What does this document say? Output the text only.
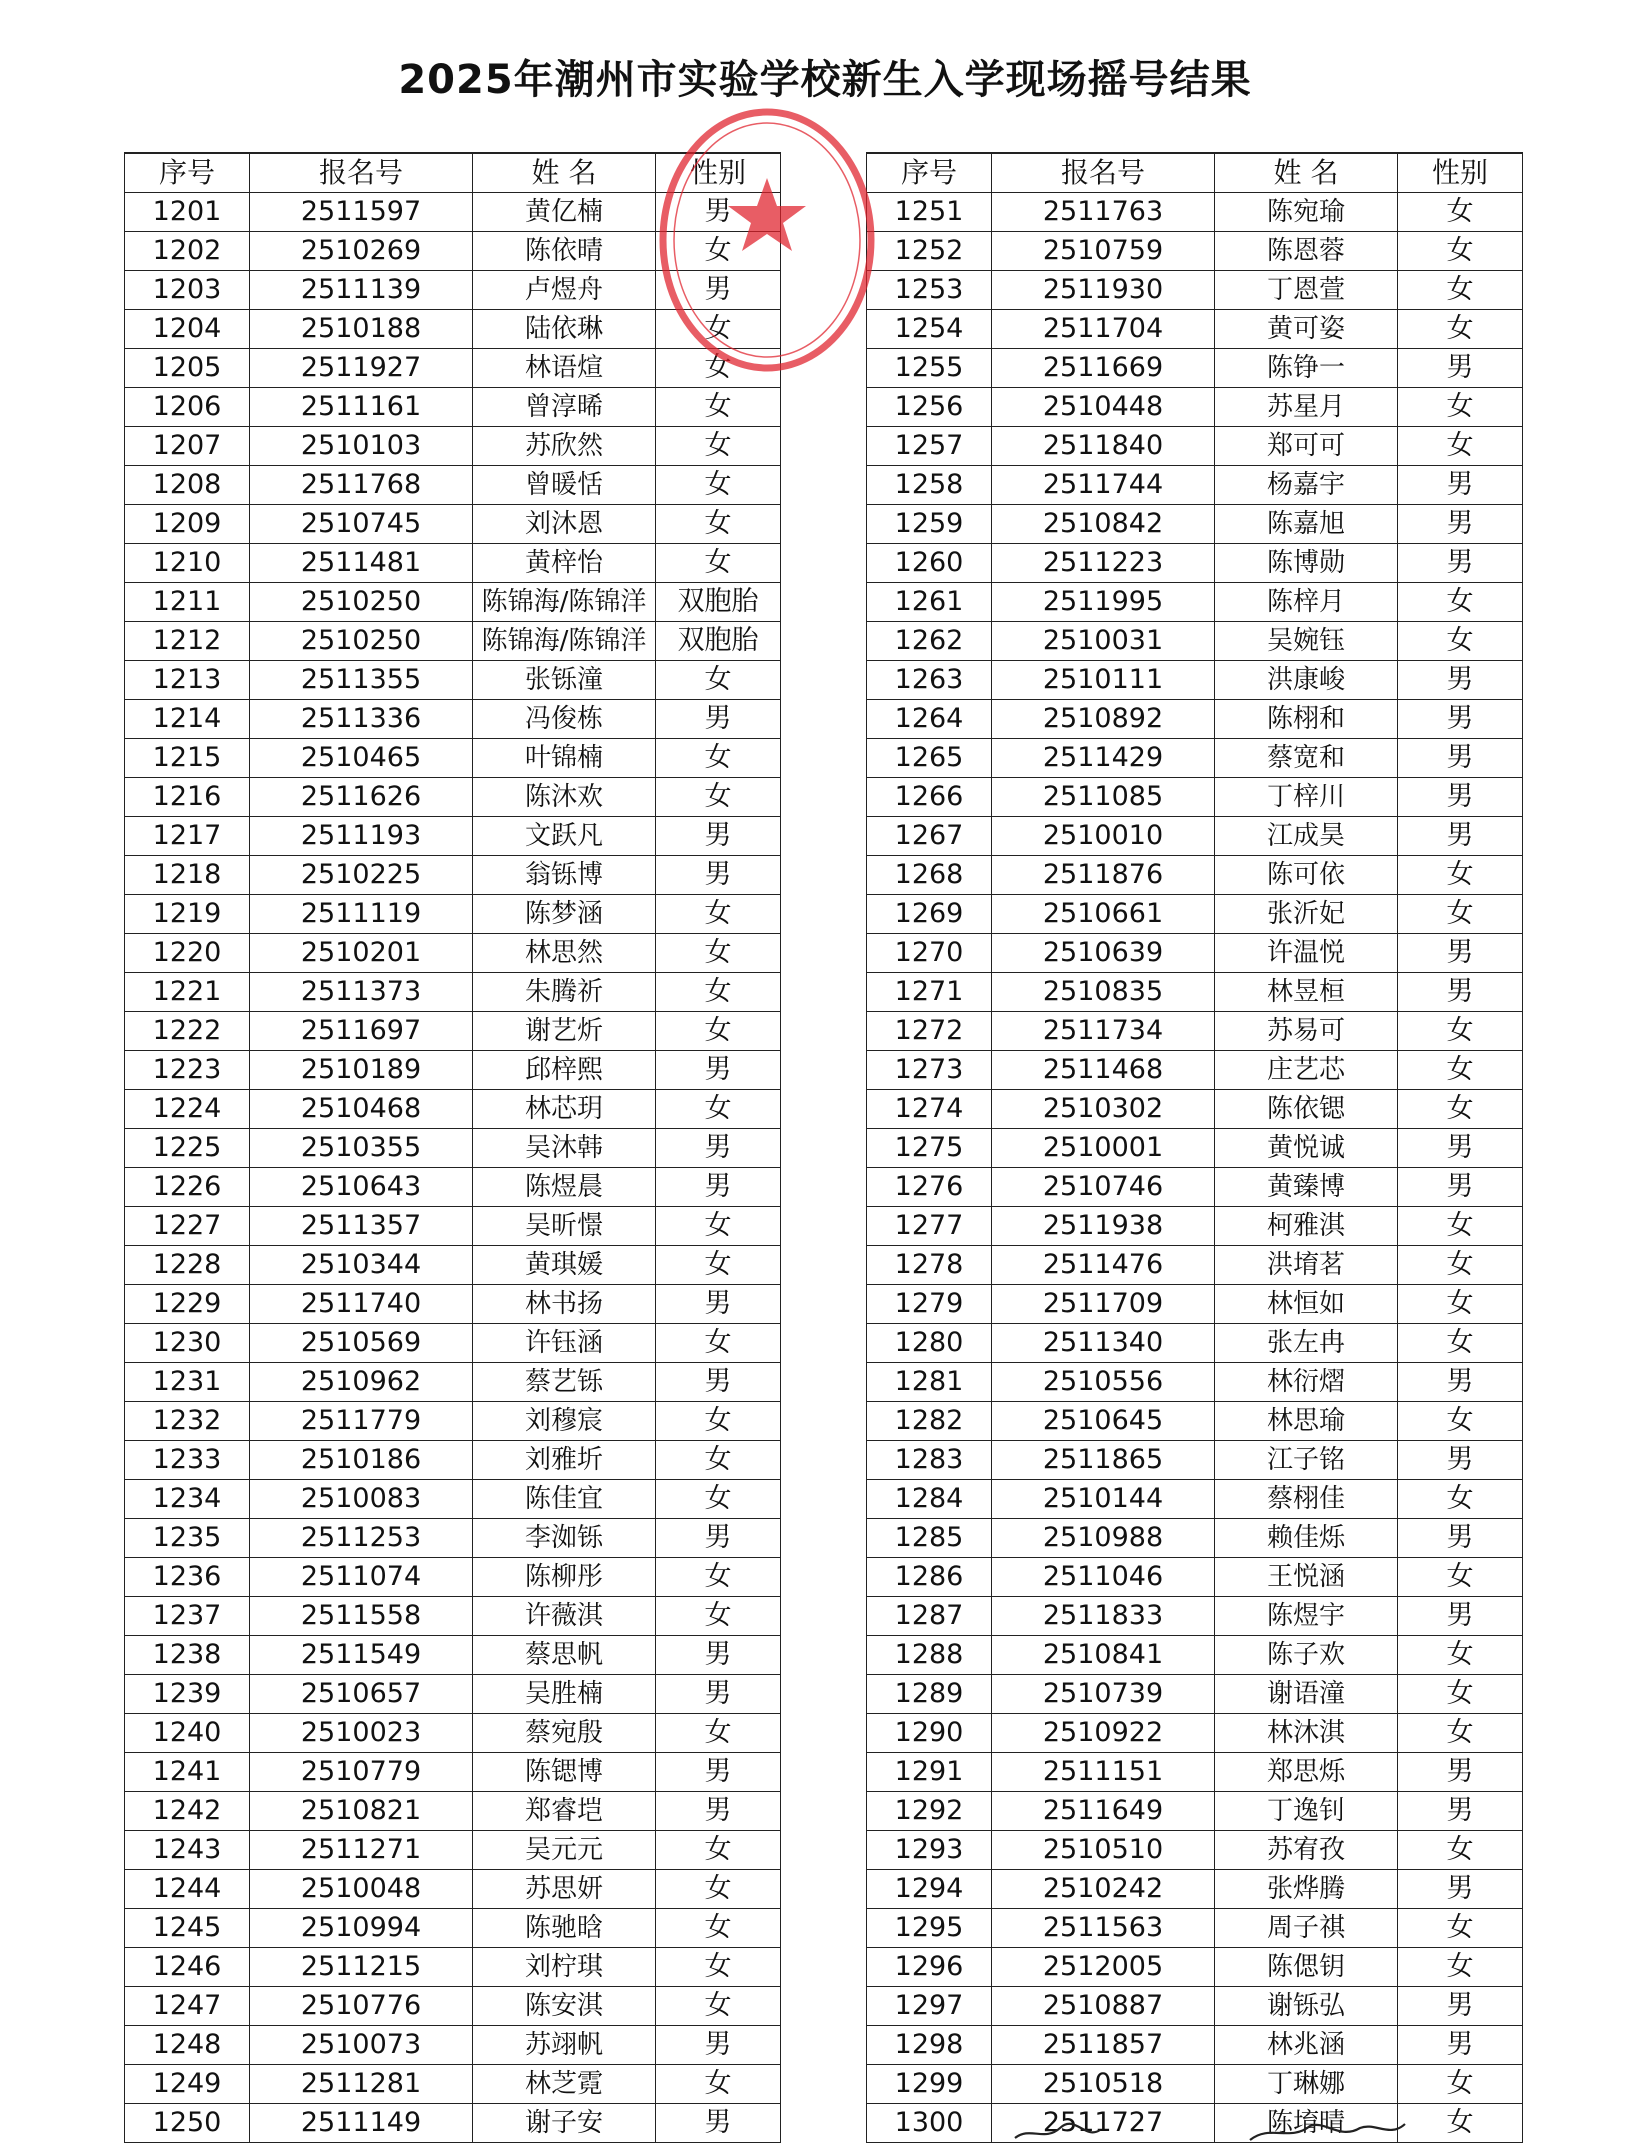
2025年潮州市实验学校新生入学现场摇号结果
序号	报名号	姓 名	性别
1201	2511597	黄亿楠	男
1202	2510269	陈依晴	女
1203	2511139	卢煜舟	男
1204	2510188	陆依琳	女
1205	2511927	林语煊	女
1206	2511161	曾淳晞	女
1207	2510103	苏欣然	女
1208	2511768	曾暖恬	女
1209	2510745	刘沐恩	女
1210	2511481	黄梓怡	女
1211	2510250	陈锦海/陈锦洋	双胞胎
1212	2510250	陈锦海/陈锦洋	双胞胎
1213	2511355	张铄潼	女
1214	2511336	冯俊栋	男
1215	2510465	叶锦楠	女
1216	2511626	陈沐欢	女
1217	2511193	文跃凡	男
1218	2510225	翁铄博	男
1219	2511119	陈梦涵	女
1220	2510201	林思然	女
1221	2511373	朱腾祈	女
1222	2511697	谢艺炘	女
1223	2510189	邱梓熙	男
1224	2510468	林芯玥	女
1225	2510355	吴沐韩	男
1226	2510643	陈煜晨	男
1227	2511357	吴昕憬	女
1228	2510344	黄琪媛	女
1229	2511740	林书扬	男
1230	2510569	许钰涵	女
1231	2510962	蔡艺铄	男
1232	2511779	刘穆宸	女
1233	2510186	刘雅圻	女
1234	2510083	陈佳宜	女
1235	2511253	李洳铄	男
1236	2511074	陈柳彤	女
1237	2511558	许薇淇	女
1238	2511549	蔡思帆	男
1239	2510657	吴胜楠	男
1240	2510023	蔡宛殷	女
1241	2510779	陈锶博	男
1242	2510821	郑睿垲	男
1243	2511271	吴元元	女
1244	2510048	苏思妍	女
1245	2510994	陈驰晗	女
1246	2511215	刘柠琪	女
1247	2510776	陈安淇	女
1248	2510073	苏翊帆	男
1249	2511281	林芝霓	女
1250	2511149	谢子安	男
序号	报名号	姓 名	性别
1251	2511763	陈宛瑜	女
1252	2510759	陈恩蓉	女
1253	2511930	丁恩萱	女
1254	2511704	黄可姿	女
1255	2511669	陈铮一	男
1256	2510448	苏星月	女
1257	2511840	郑可可	女
1258	2511744	杨嘉宇	男
1259	2510842	陈嘉旭	男
1260	2511223	陈博勋	男
1261	2511995	陈梓月	女
1262	2510031	吴婉钰	女
1263	2510111	洪康峻	男
1264	2510892	陈栩和	男
1265	2511429	蔡宽和	男
1266	2511085	丁梓川	男
1267	2510010	江成昊	男
1268	2511876	陈可依	女
1269	2510661	张沂妃	女
1270	2510639	许温悦	男
1271	2510835	林昱桓	男
1272	2511734	苏易可	女
1273	2511468	庄艺芯	女
1274	2510302	陈依锶	女
1275	2510001	黄悦诚	男
1276	2510746	黄臻博	男
1277	2511938	柯雅淇	女
1278	2511476	洪堉茗	女
1279	2511709	林恒如	女
1280	2511340	张左冉	女
1281	2510556	林衍熠	男
1282	2510645	林思瑜	女
1283	2511865	江子铭	男
1284	2510144	蔡栩佳	女
1285	2510988	赖佳烁	男
1286	2511046	王悦涵	女
1287	2511833	陈煜宇	男
1288	2510841	陈子欢	女
1289	2510739	谢语潼	女
1290	2510922	林沐淇	女
1291	2511151	郑思烁	男
1292	2511649	丁逸钊	男
1293	2510510	苏宥孜	女
1294	2510242	张烨腾	男
1295	2511563	周子祺	女
1296	2512005	陈偲钥	女
1297	2510887	谢铄弘	男
1298	2511857	林兆涵	男
1299	2510518	丁琳娜	女
1300	2511727	陈堉晴	女
